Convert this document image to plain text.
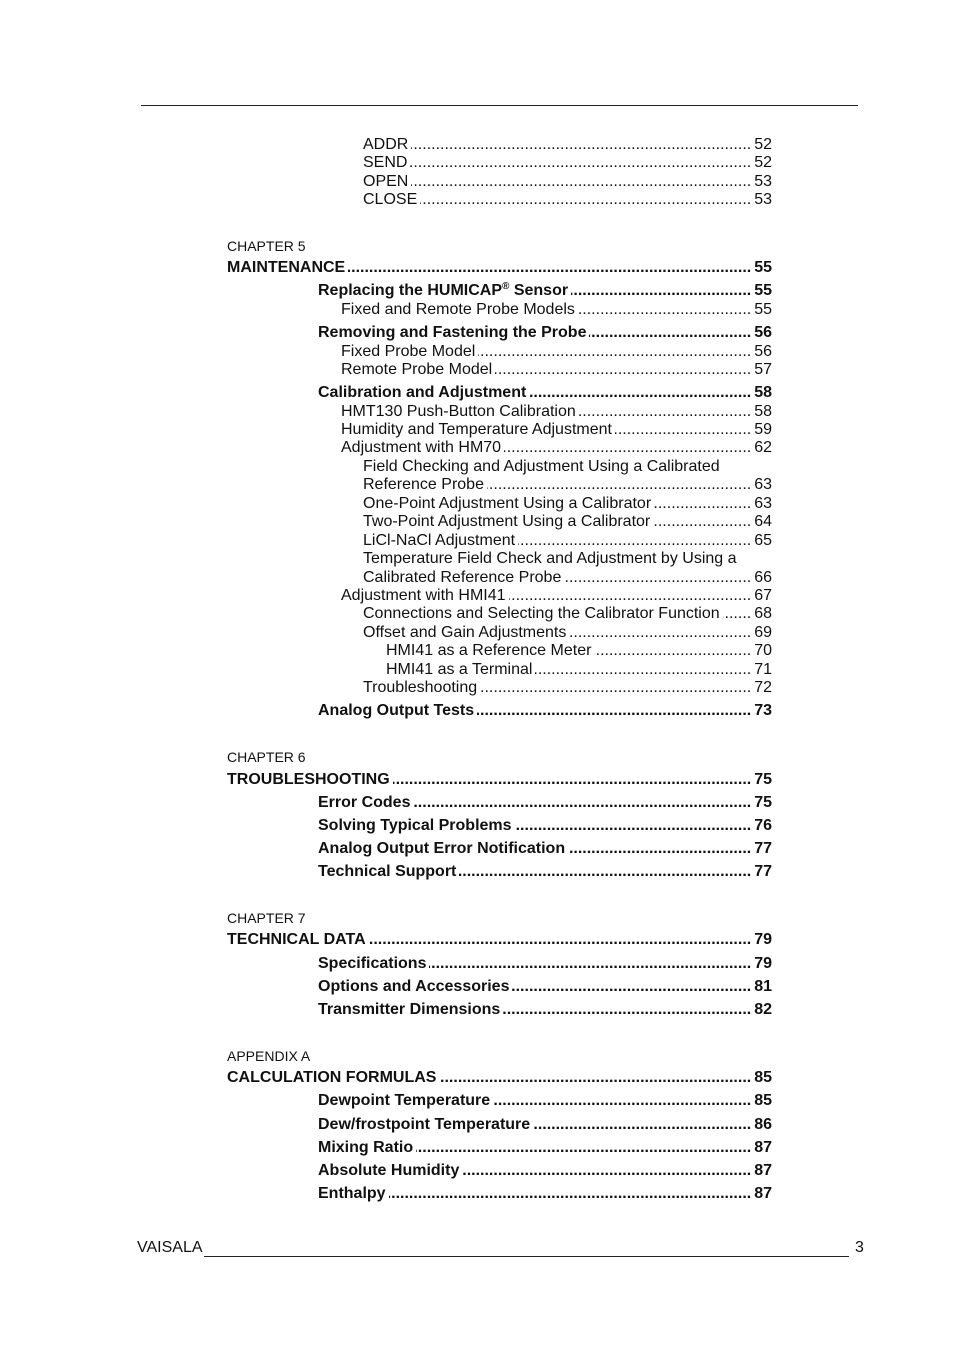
ADDR .....	52
SEND .....	52
OPEN .....	53
CLOSE .....	53
CHAPTER 5
MAINTENANCE .....	55
Replacing the HUMICAP® Sensor .....	55
Fixed and Remote Probe Models .....	55
Removing and Fastening the Probe .....	56
Fixed Probe Model .....	56
Remote Probe Model .....	57
Calibration and Adjustment .....	58
HMT130 Push-Button Calibration .....	58
Humidity and Temperature Adjustment .....	59
Adjustment with HM70 .....	62
Field Checking and Adjustment Using a Calibrated
Reference Probe .....	63
One-Point Adjustment Using a Calibrator .....	63
Two-Point Adjustment Using a Calibrator .....	64
LiCl-NaCl Adjustment .....	65
Temperature Field Check and Adjustment by Using a
Calibrated Reference Probe .....	66
Adjustment with HMI41 .....	67
Connections and Selecting the Calibrator Function ..... 68
Offset and Gain Adjustments .....	69
HMI41 as a Reference Meter .....	70
HMI41 as a Terminal .....	71
Troubleshooting .....	72
Analog Output Tests .....	73
CHAPTER 6
TROUBLESHOOTING .....	75
Error Codes .....	75
Solving Typical Problems .....	76
Analog Output Error Notification .....	77
Technical Support .....	77
CHAPTER 7
TECHNICAL DATA .....	79
Specifications .....	79
Options and Accessories .....	81
Transmitter Dimensions .....	82
APPENDIX A
CALCULATION FORMULAS .....	85
Dewpoint Temperature .....	85
Dew/frostpoint Temperature .....	86
Mixing Ratio .....	87
Absolute Humidity .....	87
Enthalpy .....	87
VAISALA	3
